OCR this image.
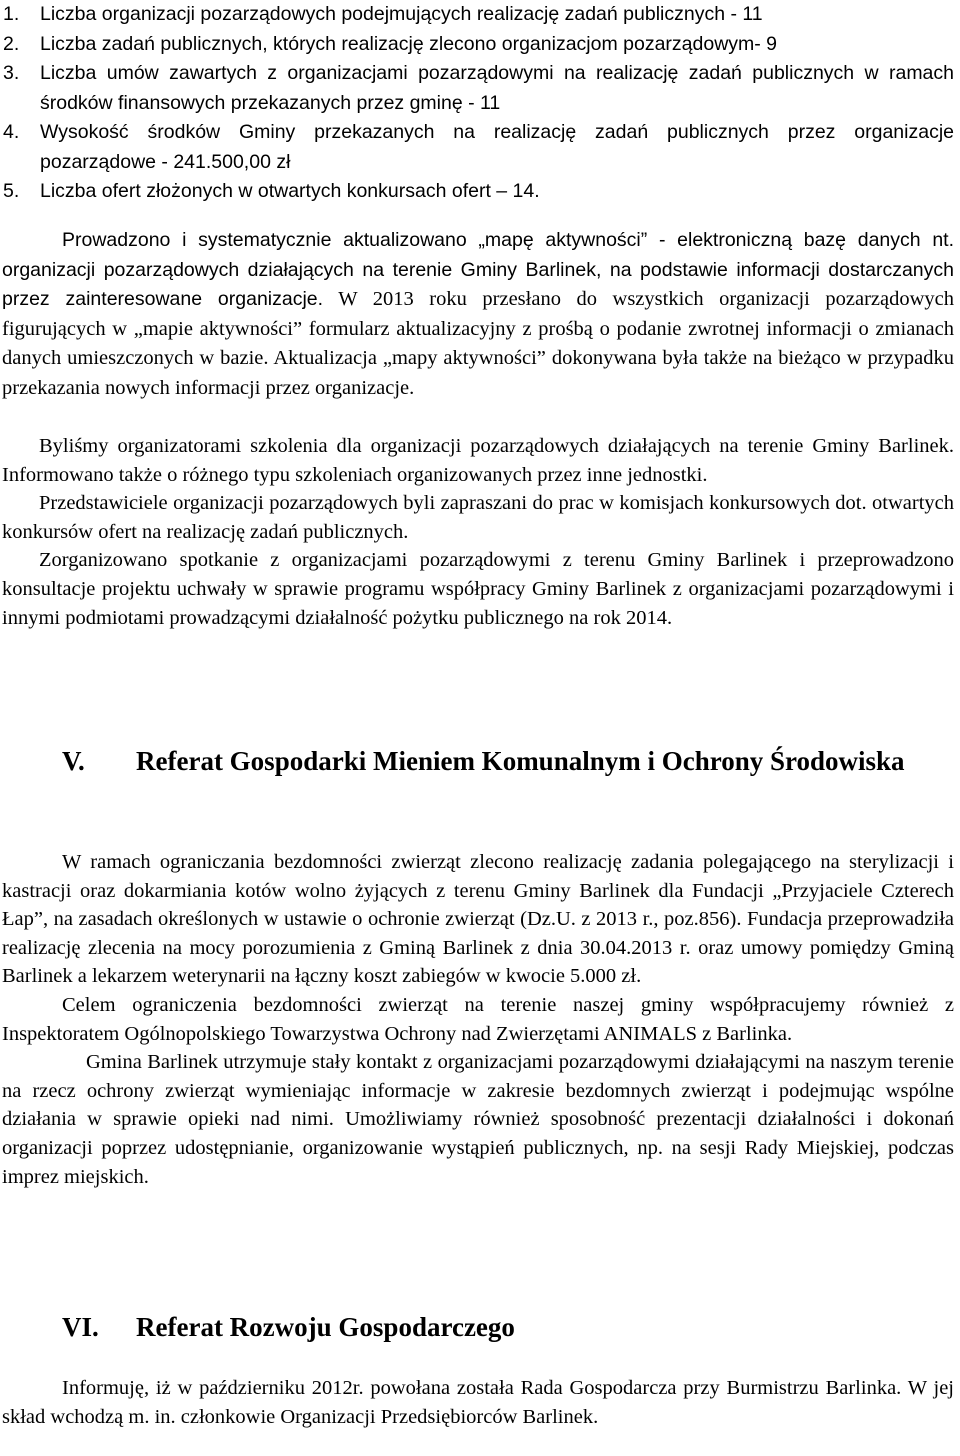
1. Liczba organizacji pozarządowych podejmujących realizację zadań publicznych - 11
2. Liczba zadań publicznych, których realizację zlecono organizacjom pozarządowym- 9
3. Liczba umów zawartych z organizacjami pozarządowymi na realizację zadań publicznych w ramach środków finansowych przekazanych przez gminę - 11
4. Wysokość środków Gminy przekazanych na realizację zadań publicznych przez organizacje pozarządowe - 241.500,00 zł
5. Liczba ofert złożonych w otwartych konkursach ofert – 14.

Prowadzono i systematycznie aktualizowano „mapę aktywności” - elektroniczną bazę danych nt. organizacji pozarządowych działających na terenie Gminy Barlinek, na podstawie informacji dostarczanych przez zainteresowane organizacje. W 2013 roku przesłano do wszystkich organizacji pozarządowych figurujących w „mapie aktywności” formularz aktualizacyjny z prośbą o podanie zwrotnej informacji o zmianach danych umieszczonych w bazie. Aktualizacja „mapy aktywności” dokonywana była także na bieżąco w przypadku przekazania nowych informacji przez organizacje.

Byliśmy organizatorami szkolenia dla organizacji pozarządowych działających na terenie Gminy Barlinek. Informowano także o różnego typu szkoleniach organizowanych przez inne jednostki.

Przedstawiciele organizacji pozarządowych byli zapraszani do prac w komisjach konkursowych dot. otwartych konkursów ofert na realizację zadań publicznych.

Zorganizowano spotkanie z organizacjami pozarządowymi z terenu Gminy Barlinek i przeprowadzono konsultacje projektu uchwały w sprawie programu współpracy Gminy Barlinek z organizacjami pozarządowymi i innymi podmiotami prowadzącymi działalność pożytku publicznego na rok 2014.

V. Referat Gospodarki Mieniem Komunalnym i Ochrony Środowiska

W ramach ograniczania bezdomności zwierząt zlecono realizację zadania polegającego na sterylizacji i kastracji oraz dokarmiania kotów wolno żyjących z terenu Gminy Barlinek dla Fundacji „Przyjaciele Czterech Łap”, na zasadach określonych w ustawie o ochronie zwierząt (Dz.U. z 2013 r., poz.856). Fundacja przeprowadziła realizację zlecenia na mocy porozumienia z Gminą Barlinek z dnia 30.04.2013 r. oraz umowy pomiędzy Gminą Barlinek a lekarzem weterynarii na łączny koszt zabiegów w kwocie 5.000 zł.

Celem ograniczenia bezdomności zwierząt na terenie naszej gminy współpracujemy również z Inspektoratem Ogólnopolskiego Towarzystwa Ochrony nad Zwierzętami ANIMALS z Barlinka.

Gmina Barlinek utrzymuje stały kontakt z organizacjami pozarządowymi działającymi na naszym terenie na rzecz ochrony zwierząt wymieniając informacje w zakresie bezdomnych zwierząt i podejmując wspólne działania w sprawie opieki nad nimi. Umożliwiamy również sposobność prezentacji działalności i dokonań organizacji poprzez udostępnianie, organizowanie wystąpień publicznych, np. na sesji Rady Miejskiej, podczas imprez miejskich.

VI. Referat Rozwoju Gospodarczego

Informuję, iż w październiku 2012r. powołana została Rada Gospodarcza przy Burmistrzu Barlinka. W jej skład wchodzą m. in. członkowie Organizacji Przedsiębiorców Barlinek.
